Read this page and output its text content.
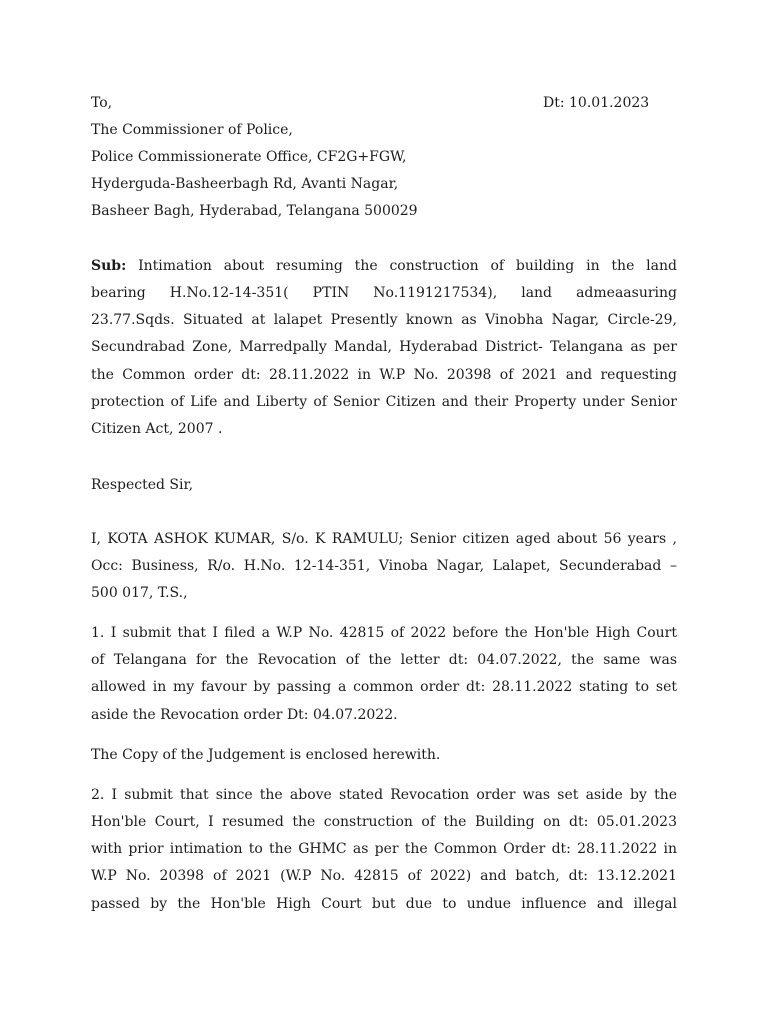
To,	Dt: 10.01.2023
The Commissioner of Police,
Police Commissionerate Office, CF2G+FGW,
Hyderguda-Basheerbagh Rd, Avanti Nagar,
Basheer Bagh, Hyderabad, Telangana 500029
Sub: Intimation about resuming the construction of building in the land
bearing H.No.12-14-351( PTIN No.1191217534), land admeaasuring
23.77.Sqds. Situated at lalapet Presently known as Vinobha Nagar, Circle-29,
Secundrabad Zone, Marredpally Mandal, Hyderabad District- Telangana as per
the Common order dt: 28.11.2022 in W.P No. 20398 of 2021 and requesting
protection of Life and Liberty of Senior Citizen and their Property under Senior
Citizen Act, 2007 .
Respected Sir,
I, KOTA ASHOK KUMAR, S/o. K RAMULU; Senior citizen aged about 56 years ,
Occ: Business, R/o. H.No. 12-14-351, Vinoba Nagar, Lalapet, Secunderabad –
500 017, T.S.,
1. I submit that I filed a W.P No. 42815 of 2022 before the Hon'ble High Court
of Telangana for the Revocation of the letter dt: 04.07.2022, the same was
allowed in my favour by passing a common order dt: 28.11.2022 stating to set
aside the Revocation order Dt: 04.07.2022.
The Copy of the Judgement is enclosed herewith.
2. I submit that since the above stated Revocation order was set aside by the
Hon'ble Court, I resumed the construction of the Building on dt: 05.01.2023
with prior intimation to the GHMC as per the Common Order dt: 28.11.2022 in
W.P No. 20398 of 2021 (W.P No. 42815 of 2022) and batch, dt: 13.12.2021
passed by the Hon'ble High Court but due to undue influence and illegal
